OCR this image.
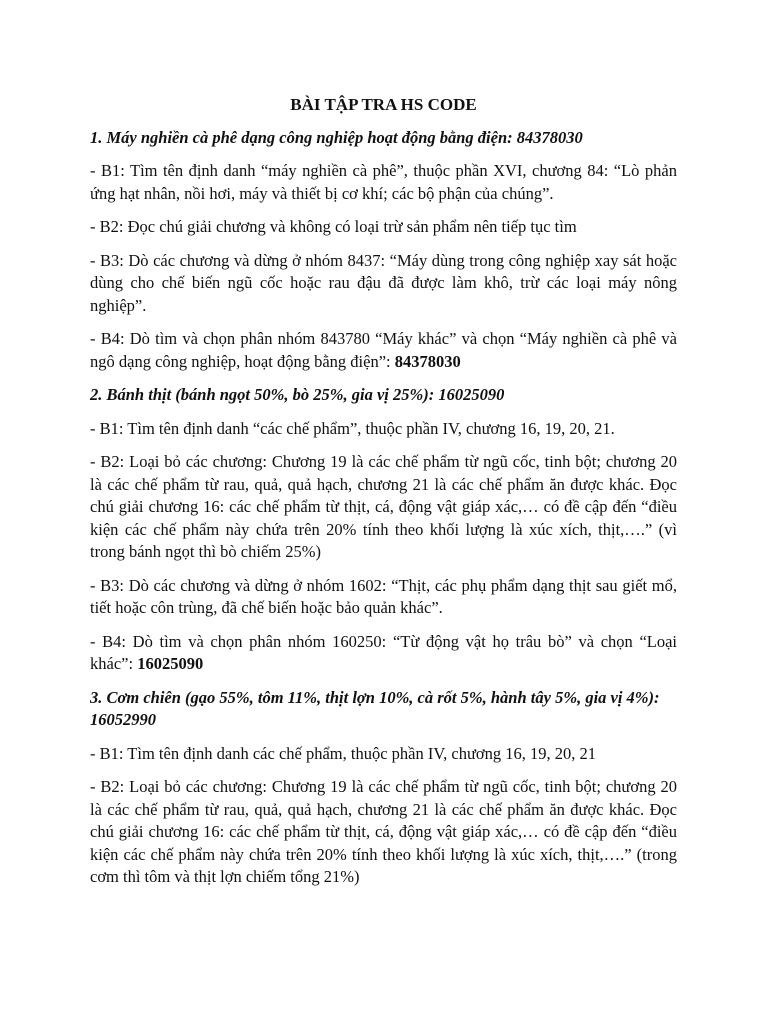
BÀI TẬP TRA HS CODE
1. Máy nghiền cà phê dạng công nghiệp hoạt động bằng điện: 84378030
- B1: Tìm tên định danh “máy nghiền cà phê”, thuộc phần XVI, chương 84: “Lò phản ứng hạt nhân, nồi hơi, máy và thiết bị cơ khí; các bộ phận của chúng”.
- B2: Đọc chú giải chương và không có loại trừ sản phẩm nên tiếp tục tìm
- B3: Dò các chương và dừng ở nhóm 8437: “Máy dùng trong công nghiệp xay sát hoặc dùng cho chế biến ngũ cốc hoặc rau đậu đã được làm khô, trừ các loại máy nông nghiệp”.
- B4: Dò tìm và chọn phân nhóm 843780 “Máy khác” và chọn “Máy nghiền cà phê và ngô dạng công nghiệp, hoạt động bằng điện”: 84378030
2. Bánh thịt (bánh ngọt 50%, bò 25%, gia vị 25%): 16025090
- B1: Tìm tên định danh “các chế phẩm”, thuộc phần IV, chương 16, 19, 20, 21.
- B2: Loại bỏ các chương: Chương 19 là các chế phẩm từ ngũ cốc, tinh bột; chương 20 là các chế phẩm từ rau, quả, quả hạch, chương 21 là các chế phẩm ăn được khác. Đọc chú giải chương 16: các chế phẩm từ thịt, cá, động vật giáp xác,… có đề cập đến “điều kiện các chế phẩm này chứa trên 20% tính theo khối lượng là xúc xích, thịt,….” (vì trong bánh ngọt thì bò chiếm 25%)
- B3: Dò các chương và dừng ở nhóm 1602: “Thịt, các phụ phẩm dạng thịt sau giết mổ, tiết hoặc côn trùng, đã chế biến hoặc bảo quản khác”.
- B4: Dò tìm và chọn phân nhóm 160250: “Từ động vật họ trâu bò” và chọn “Loại khác”: 16025090
3. Cơm chiên (gạo 55%, tôm 11%, thịt lợn 10%, cà rốt 5%, hành tây 5%, gia vị 4%): 16052990
- B1: Tìm tên định danh các chế phẩm, thuộc phần IV, chương 16, 19, 20, 21
- B2: Loại bỏ các chương: Chương 19 là các chế phẩm từ ngũ cốc, tinh bột; chương 20 là các chế phẩm từ rau, quả, quả hạch, chương 21 là các chế phẩm ăn được khác. Đọc chú giải chương 16: các chế phẩm từ thịt, cá, động vật giáp xác,… có đề cập đến “điều kiện các chế phẩm này chứa trên 20% tính theo khối lượng là xúc xích, thịt,….” (trong cơm thì tôm và thịt lợn chiếm tổng 21%)
